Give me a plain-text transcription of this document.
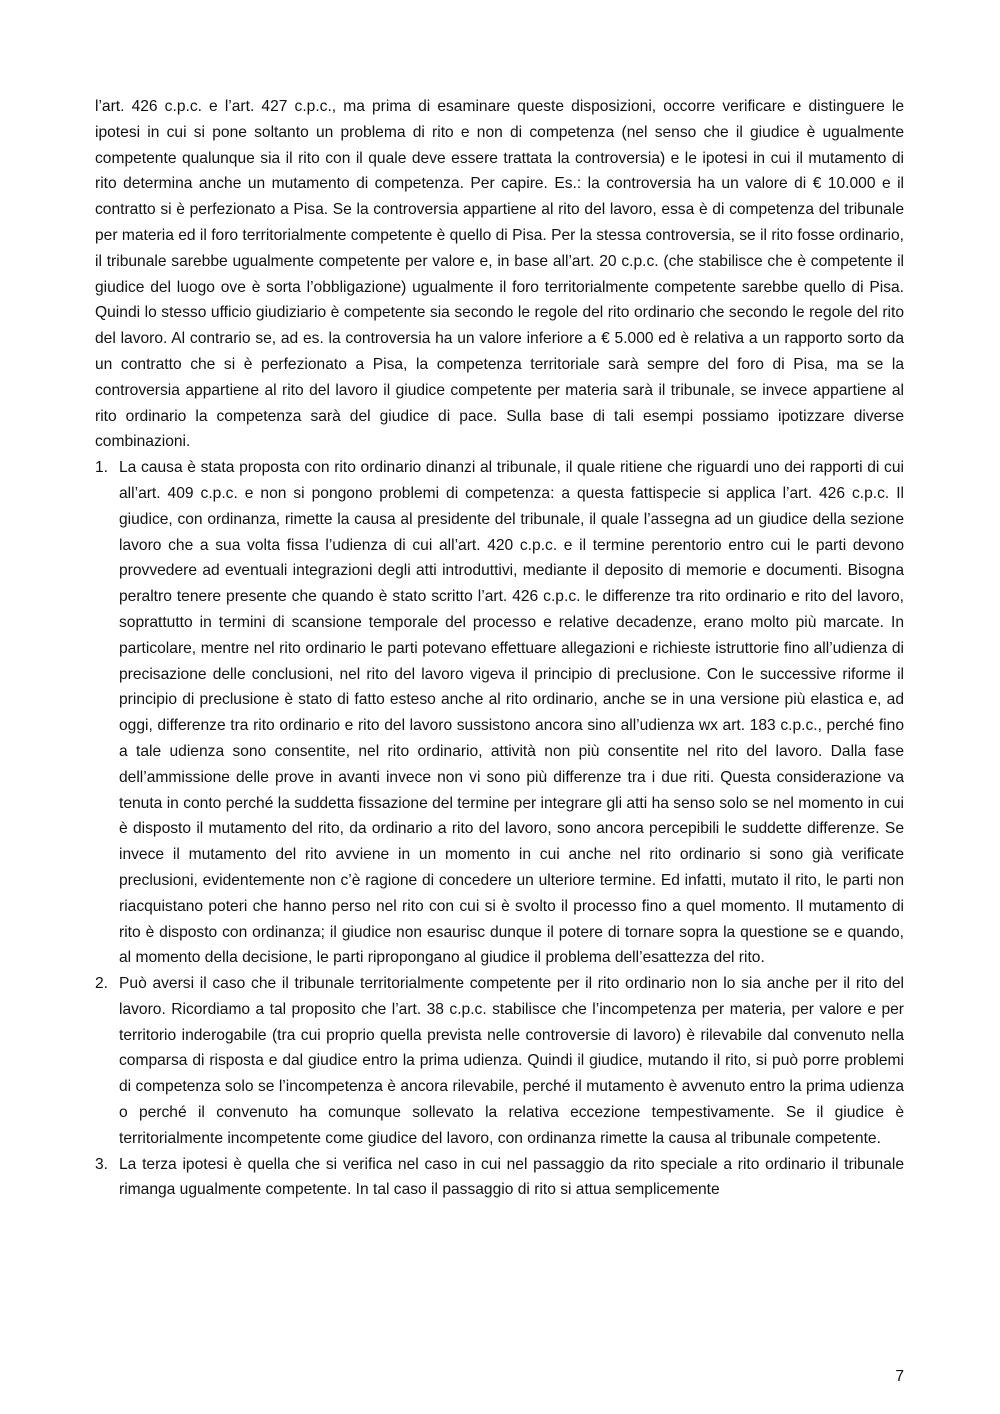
l’art. 426 c.p.c. e l’art. 427 c.p.c., ma prima di esaminare queste disposizioni, occorre verificare e distinguere le ipotesi in cui si pone soltanto un problema di rito e non di competenza (nel senso che il giudice è ugualmente competente qualunque sia il rito con il quale deve essere trattata la controversia) e le ipotesi in cui il mutamento di rito determina anche un mutamento di competenza. Per capire. Es.: la controversia ha un valore di € 10.000 e il contratto si è perfezionato a Pisa. Se la controversia appartiene al rito del lavoro, essa è di competenza del tribunale per materia ed il foro territorialmente competente è quello di Pisa. Per la stessa controversia, se il rito fosse ordinario, il tribunale sarebbe ugualmente competente per valore e, in base all’art. 20 c.p.c. (che stabilisce che è competente il giudice del luogo ove è sorta l’obbligazione) ugualmente il foro territorialmente competente sarebbe quello di Pisa. Quindi lo stesso ufficio giudiziario è competente sia secondo le regole del rito ordinario che secondo le regole del rito del lavoro. Al contrario se, ad es. la controversia ha un valore inferiore a € 5.000 ed è relativa a un rapporto sorto da un contratto che si è perfezionato a Pisa, la competenza territoriale sarà sempre del foro di Pisa, ma se la controversia appartiene al rito del lavoro il giudice competente per materia sarà il tribunale, se invece appartiene al rito ordinario la competenza sarà del giudice di pace. Sulla base di tali esempi possiamo ipotizzare diverse combinazioni.

1. La causa è stata proposta con rito ordinario dinanzi al tribunale, il quale ritiene che riguardi uno dei rapporti di cui all’art. 409 c.p.c. e non si pongono problemi di competenza: a questa fattispecie si applica l’art. 426 c.p.c. Il giudice, con ordinanza, rimette la causa al presidente del tribunale, il quale l’assegna ad un giudice della sezione lavoro che a sua volta fissa l’udienza di cui all’art. 420 c.p.c. e il termine perentorio entro cui le parti devono provvedere ad eventuali integrazioni degli atti introduttivi, mediante il deposito di memorie e documenti. Bisogna peraltro tenere presente che quando è stato scritto l’art. 426 c.p.c. le differenze tra rito ordinario e rito del lavoro, soprattutto in termini di scansione temporale del processo e relative decadenze, erano molto più marcate. In particolare, mentre nel rito ordinario le parti potevano effettuare allegazioni e richieste istruttorie fino all’udienza di precisazione delle conclusioni, nel rito del lavoro vigeva il principio di preclusione. Con le successive riforme il principio di preclusione è stato di fatto esteso anche al rito ordinario, anche se in una versione più elastica e, ad oggi, differenze tra rito ordinario e rito del lavoro sussistono ancora sino all’udienza wx art. 183 c.p.c., perché fino a tale udienza sono consentite, nel rito ordinario, attività non più consentite nel rito del lavoro. Dalla fase dell’ammissione delle prove in avanti invece non vi sono più differenze tra i due riti. Questa considerazione va tenuta in conto perché la suddetta fissazione del termine per integrare gli atti ha senso solo se nel momento in cui è disposto il mutamento del rito, da ordinario a rito del lavoro, sono ancora percepibili le suddette differenze. Se invece il mutamento del rito avviene in un momento in cui anche nel rito ordinario si sono già verificate preclusioni, evidentemente non c’è ragione di concedere un ulteriore termine. Ed infatti, mutato il rito, le parti non riacquistano poteri che hanno perso nel rito con cui si è svolto il processo fino a quel momento. Il mutamento di rito è disposto con ordinanza; il giudice non esaurisc dunque il potere di tornare sopra la questione se e quando, al momento della decisione, le parti ripropongano al giudice il problema dell’esattezza del rito.
2. Può aversi il caso che il tribunale territorialmente competente per il rito ordinario non lo sia anche per il rito del lavoro. Ricordiamo a tal proposito che l’art. 38 c.p.c. stabilisce che l’incompetenza per materia, per valore e per territorio inderogabile (tra cui proprio quella prevista nelle controversie di lavoro) è rilevabile dal convenuto nella comparsa di risposta e dal giudice entro la prima udienza. Quindi il giudice, mutando il rito, si può porre problemi di competenza solo se l’incompetenza è ancora rilevabile, perché il mutamento è avvenuto entro la prima udienza o perché il convenuto ha comunque sollevato la relativa eccezione tempestivamente. Se il giudice è territorialmente incompetente come giudice del lavoro, con ordinanza rimette la causa al tribunale competente.
3. La terza ipotesi è quella che si verifica nel caso in cui nel passaggio da rito speciale a rito ordinario il tribunale rimanga ugualmente competente. In tal caso il passaggio di rito si attua semplicemente
7
